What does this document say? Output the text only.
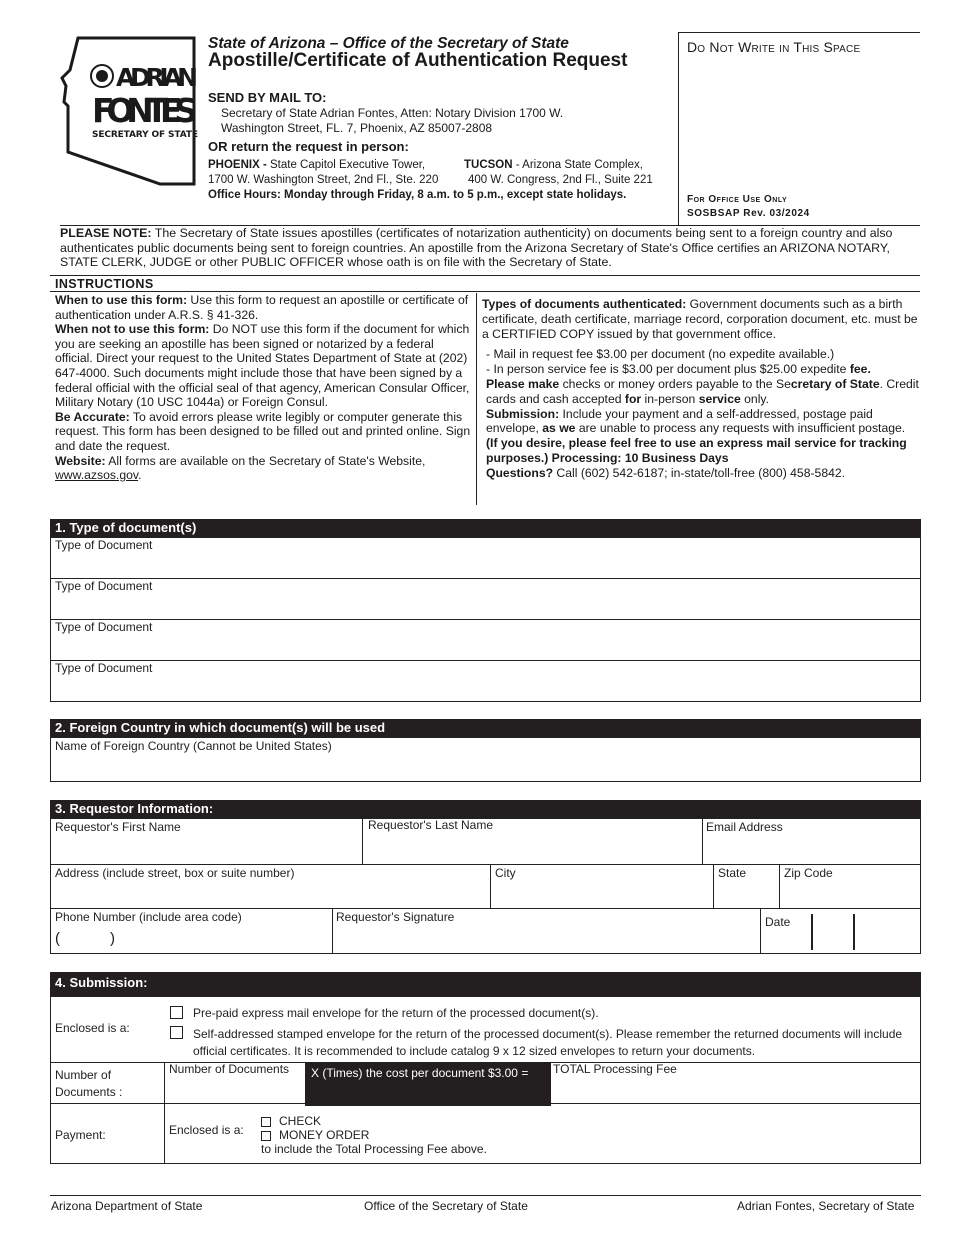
ADRIAN
FONTES
SECRETARY OF STATE
State of Arizona – Office of the Secretary of State
Apostille/Certificate of Authentication Request
SEND BY MAIL TO:
Secretary of State Adrian Fontes, Atten: Notary Division 1700 W.
Washington Street, FL. 7, Phoenix, AZ 85007-2808
OR return the request in person:
PHOENIX - State Capitol Executive Tower,
1700 W. Washington Street, 2nd Fl., Ste. 220
TUCSON - Arizona State Complex,
400 W. Congress, 2nd Fl., Suite 221
Office Hours: Monday through Friday, 8 a.m. to 5 p.m., except state holidays.
Do Not Write in This Space
For Office Use Only
SOSBSAP Rev. 03/2024
PLEASE NOTE: The Secretary of State issues apostilles (certificates of notarization authenticity) on documents being sent to a foreign country and also authenticates public documents being sent to foreign countries. An apostille from the Arizona Secretary of State's Office certifies an ARIZONA NOTARY, STATE CLERK, JUDGE or other PUBLIC OFFICER whose oath is on file with the Secretary of State.
INSTRUCTIONS
When to use this form: Use this form to request an apostille or certificate of authentication under A.R.S. § 41-326.
When not to use this form: Do NOT use this form if the document for which you are seeking an apostille has been signed or notarized by a federal official. Direct your request to the United States Department of State at (202) 647-4000. Such documents might include those that have been signed by a federal official with the official seal of that agency, American Consular Officer, Military Notary (10 USC 1044a) or Foreign Consul.
Be Accurate: To avoid errors please write legibly or computer generate this request. This form has been designed to be filled out and printed online. Sign and date the request.
Website: All forms are available on the Secretary of State's Website, www.azsos.gov.
Types of documents authenticated: Government documents such as a birth certificate, death certificate, marriage record, corporation document, etc. must be a CERTIFIED COPY issued by that government office.
- Mail in request fee $3.00 per document (no expedite available.)
- In person service fee is $3.00 per document plus $25.00 expedite fee.
Please make checks or money orders payable to the Secretary of State. Credit cards and cash accepted for in-person service only.
Submission: Include your payment and a self-addressed, postage paid envelope, as we are unable to process any requests with insufficient postage. (If you desire, please feel free to use an express mail service for tracking purposes.) Processing: 10 Business Days
Questions? Call (602) 542-6187; in-state/toll-free (800) 458-5842.
1. Type of document(s)
Type of Document
Type of Document
Type of Document
Type of Document
2. Foreign Country in which document(s) will be used
Name of Foreign Country (Cannot be United States)
3. Requestor Information:
Requestor's First Name	Requestor's Last Name	Email Address
Address (include street, box or suite number)	City	State	Zip Code
Phone Number (include area code)
(	)
Requestor's Signature	Date
4. Submission:
Enclosed is a:
Pre-paid express mail envelope for the return of the processed document(s).
Self-addressed stamped envelope for the return of the processed document(s). Please remember the returned documents will include official certificates. It is recommended to include catalog 9 x 12 sized envelopes to return your documents.
Number of Documents :
Number of Documents	X (Times) the cost per document $3.00 =	TOTAL Processing Fee
Payment:	Enclosed is a:
CHECK
MONEY ORDER
to include the Total Processing Fee above.
Arizona Department of State	Office of the Secretary of State	Adrian Fontes, Secretary of State
